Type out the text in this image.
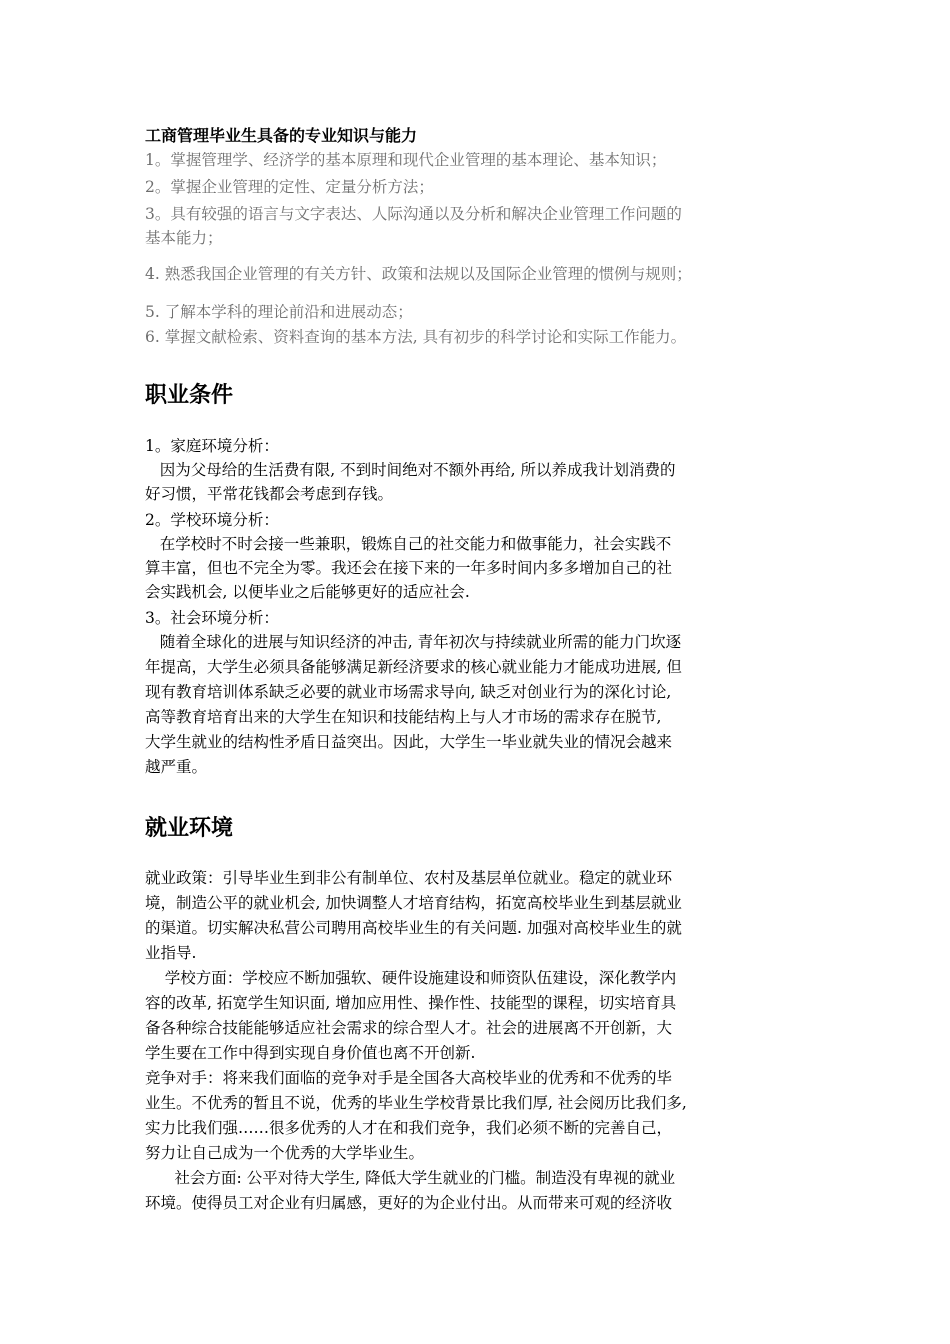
工商管理毕业生具备的专业知识与能力
1。掌握管理学、经济学的基本原理和现代企业管理的基本理论、基本知识；
2。掌握企业管理的定性、定量分析方法；
3。具有较强的语言与文字表达、人际沟通以及分析和解决企业管理工作问题的
基本能力；
4. 熟悉我国企业管理的有关方针、政策和法规以及国际企业管理的惯例与规则；
5. 了解本学科的理论前沿和进展动态；
6. 掌握文献检索、资料查询的基本方法, 具有初步的科学讨论和实际工作能力。
职业条件
1。家庭环境分析：
因为父母给的生活费有限, 不到时间绝对不额外再给, 所以养成我计划消费的
好习惯，平常花钱都会考虑到存钱。
2。学校环境分析：
在学校时不时会接一些兼职，锻炼自己的社交能力和做事能力，社会实践不
算丰富，但也不完全为零。我还会在接下来的一年多时间内多多增加自己的社
会实践机会, 以便毕业之后能够更好的适应社会.
3。社会环境分析：
随着全球化的进展与知识经济的冲击, 青年初次与持续就业所需的能力门坎逐
年提高，大学生必须具备能够满足新经济要求的核心就业能力才能成功进展, 但
现有教育培训体系缺乏必要的就业市场需求导向, 缺乏对创业行为的深化讨论,
高等教育培育出来的大学生在知识和技能结构上与人才市场的需求存在脱节,
大学生就业的结构性矛盾日益突出。因此，大学生一毕业就失业的情况会越来
越严重。
就业环境
就业政策：引导毕业生到非公有制单位、农村及基层单位就业。稳定的就业环
境，制造公平的就业机会, 加快调整人才培育结构，拓宽高校毕业生到基层就业
的渠道。切实解决私营公司聘用高校毕业生的有关问题. 加强对高校毕业生的就
业指导.
学校方面：学校应不断加强软、硬件设施建设和师资队伍建设，深化教学内
容的改革, 拓宽学生知识面, 增加应用性、操作性、技能型的课程，切实培育具
备各种综合技能能够适应社会需求的综合型人才。社会的进展离不开创新，大
学生要在工作中得到实现自身价值也离不开创新.
竞争对手：将来我们面临的竞争对手是全国各大高校毕业的优秀和不优秀的毕
业生。不优秀的暂且不说，优秀的毕业生学校背景比我们厚, 社会阅历比我们多,
实力比我们强……很多优秀的人才在和我们竞争，我们必须不断的完善自己，
努力让自己成为一个优秀的大学毕业生。
社会方面: 公平对待大学生, 降低大学生就业的门槛。制造没有卑视的就业
环境。使得员工对企业有归属感，更好的为企业付出。从而带来可观的经济收
